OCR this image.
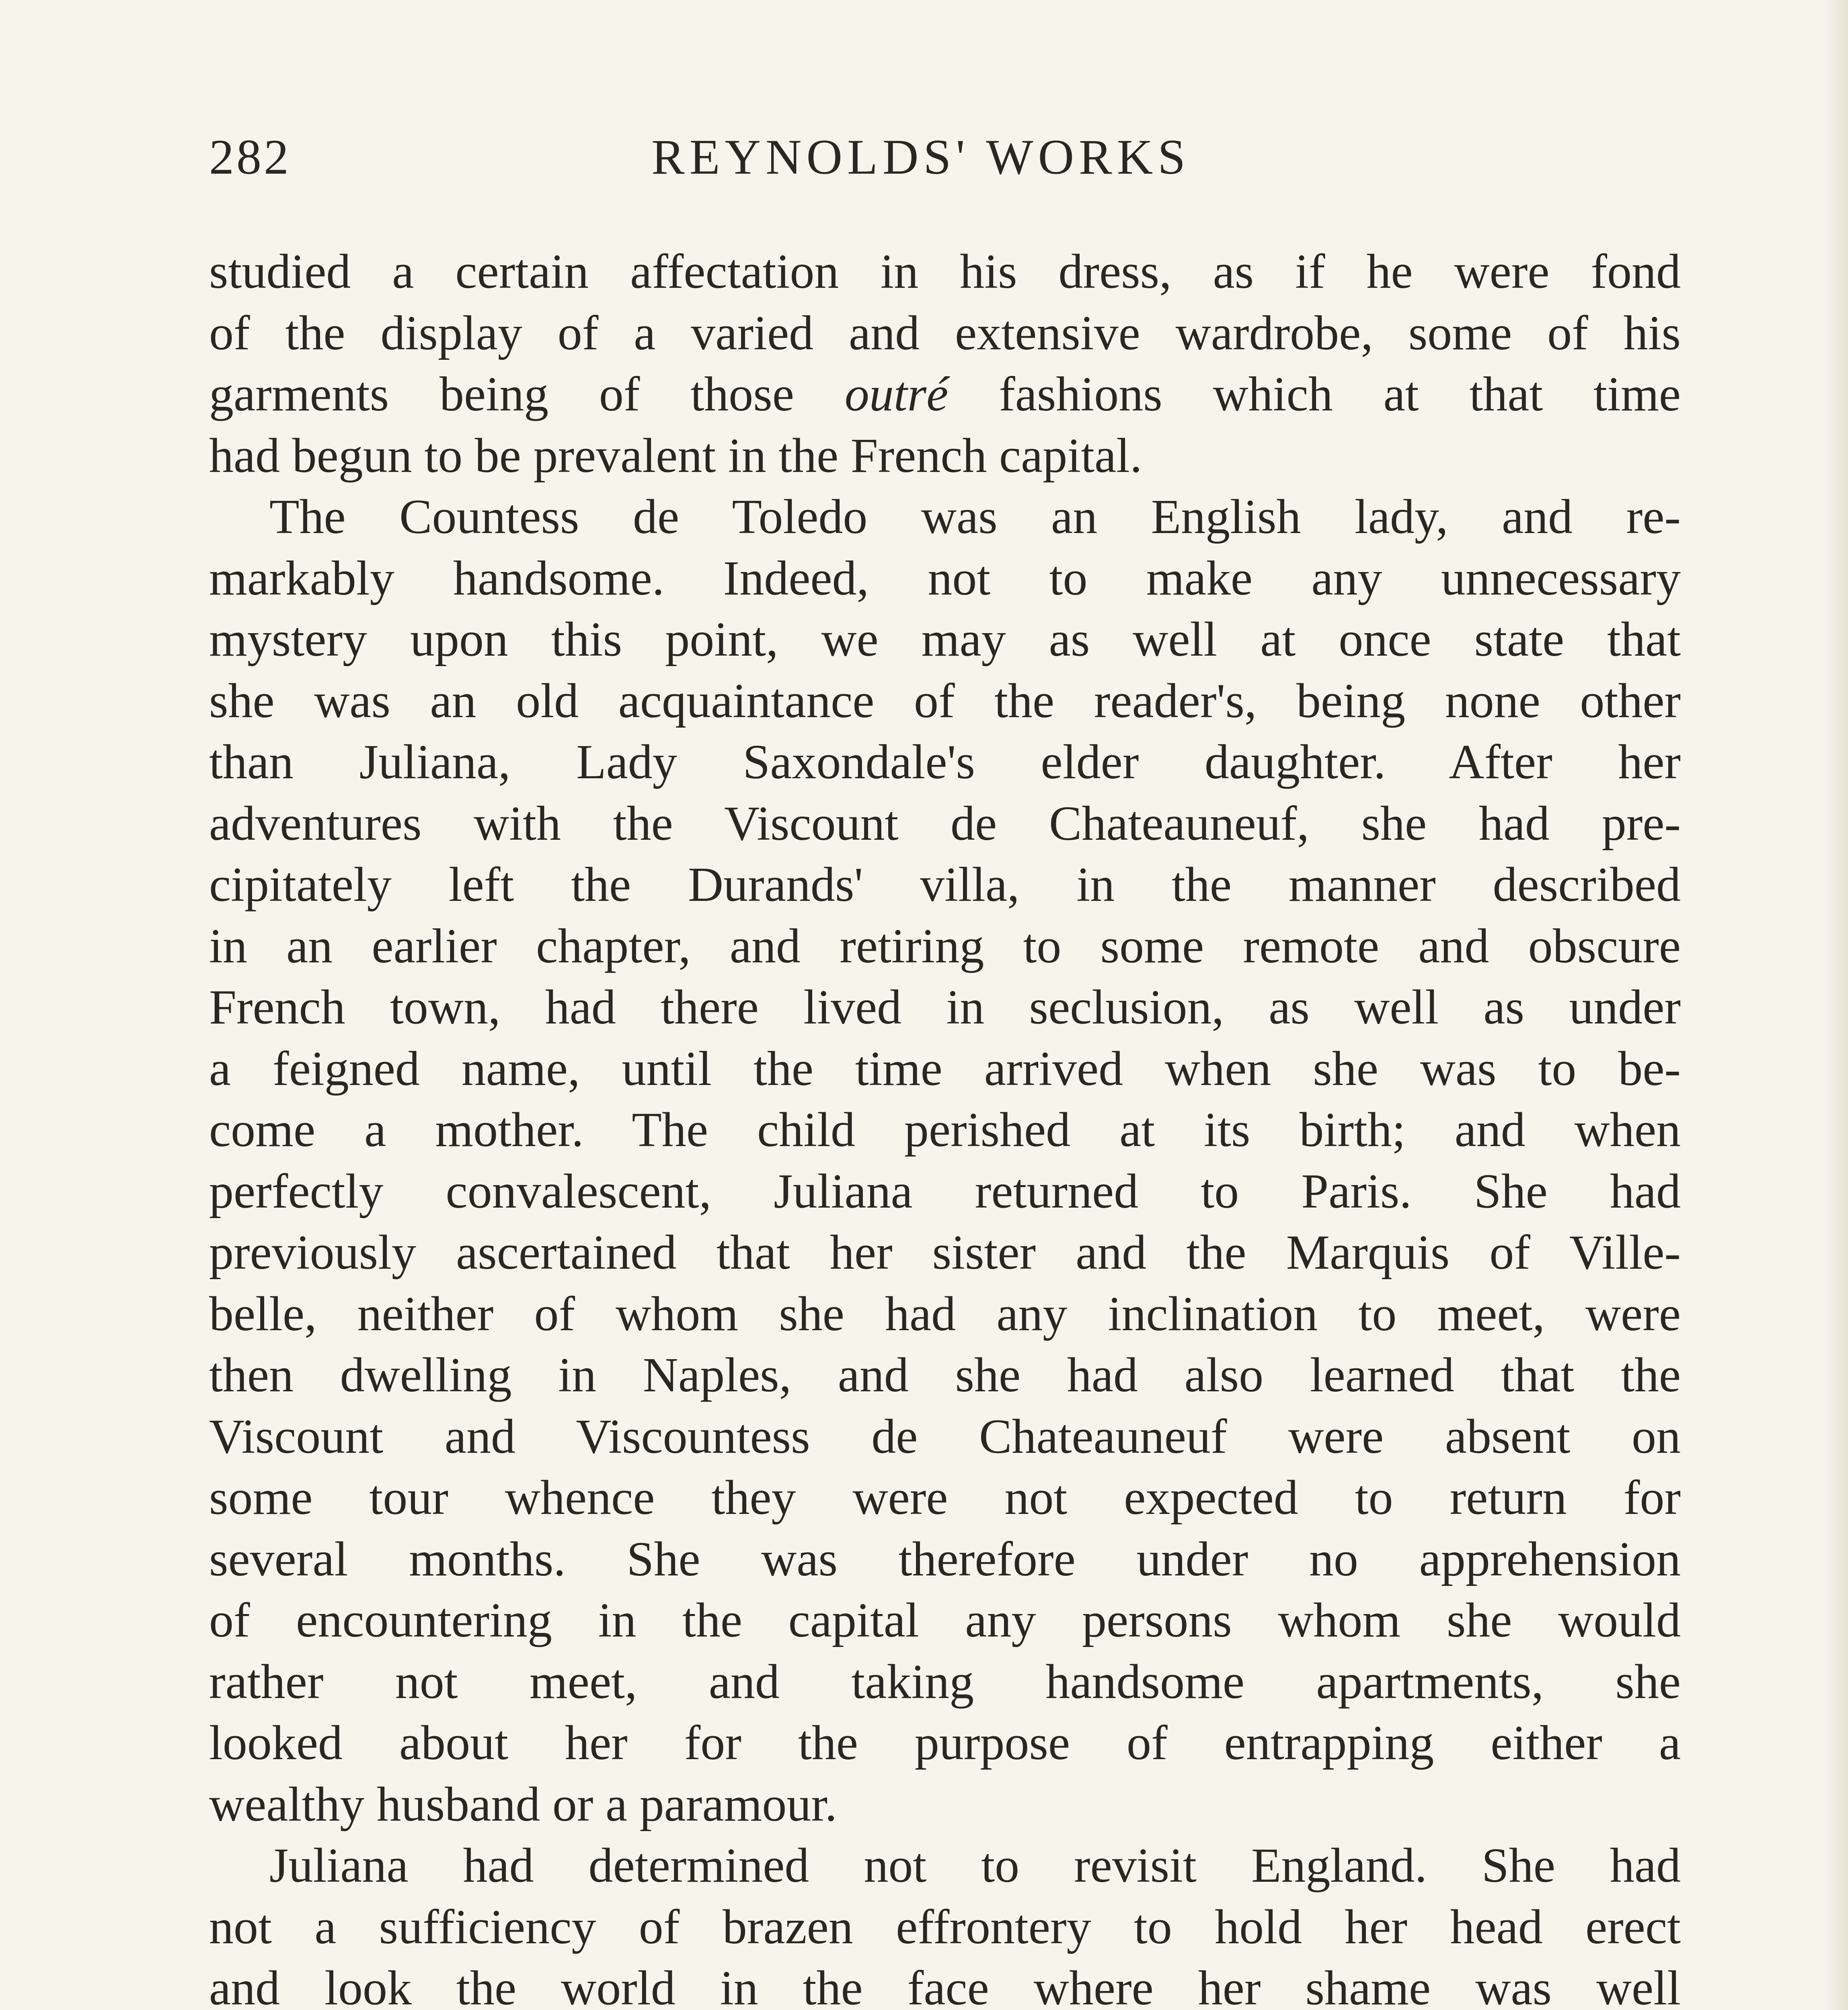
282	REYNOLDS' WORKS
studied a certain affectation in his dress, as if he were fond
of the display of a varied and extensive wardrobe, some of his
garments being of those outré fashions which at that time
had begun to be prevalent in the French capital.
The Countess de Toledo was an English lady, and re-
markably handsome. Indeed, not to make any unnecessary
mystery upon this point, we may as well at once state that
she was an old acquaintance of the reader's, being none other
than Juliana, Lady Saxondale's elder daughter. After her
adventures with the Viscount de Chateauneuf, she had pre-
cipitately left the Durands' villa, in the manner described
in an earlier chapter, and retiring to some remote and obscure
French town, had there lived in seclusion, as well as under
a feigned name, until the time arrived when she was to be-
come a mother. The child perished at its birth; and when
perfectly convalescent, Juliana returned to Paris. She had
previously ascertained that her sister and the Marquis of Ville-
belle, neither of whom she had any inclination to meet, were
then dwelling in Naples, and she had also learned that the
Viscount and Viscountess de Chateauneuf were absent on
some tour whence they were not expected to return for
several months. She was therefore under no apprehension
of encountering in the capital any persons whom she would
rather not meet, and taking handsome apartments, she
looked about her for the purpose of entrapping either a
wealthy husband or a paramour.
Juliana had determined not to revisit England. She had
not a sufficiency of brazen effrontery to hold her head erect
and look the world in the face where her shame was well
